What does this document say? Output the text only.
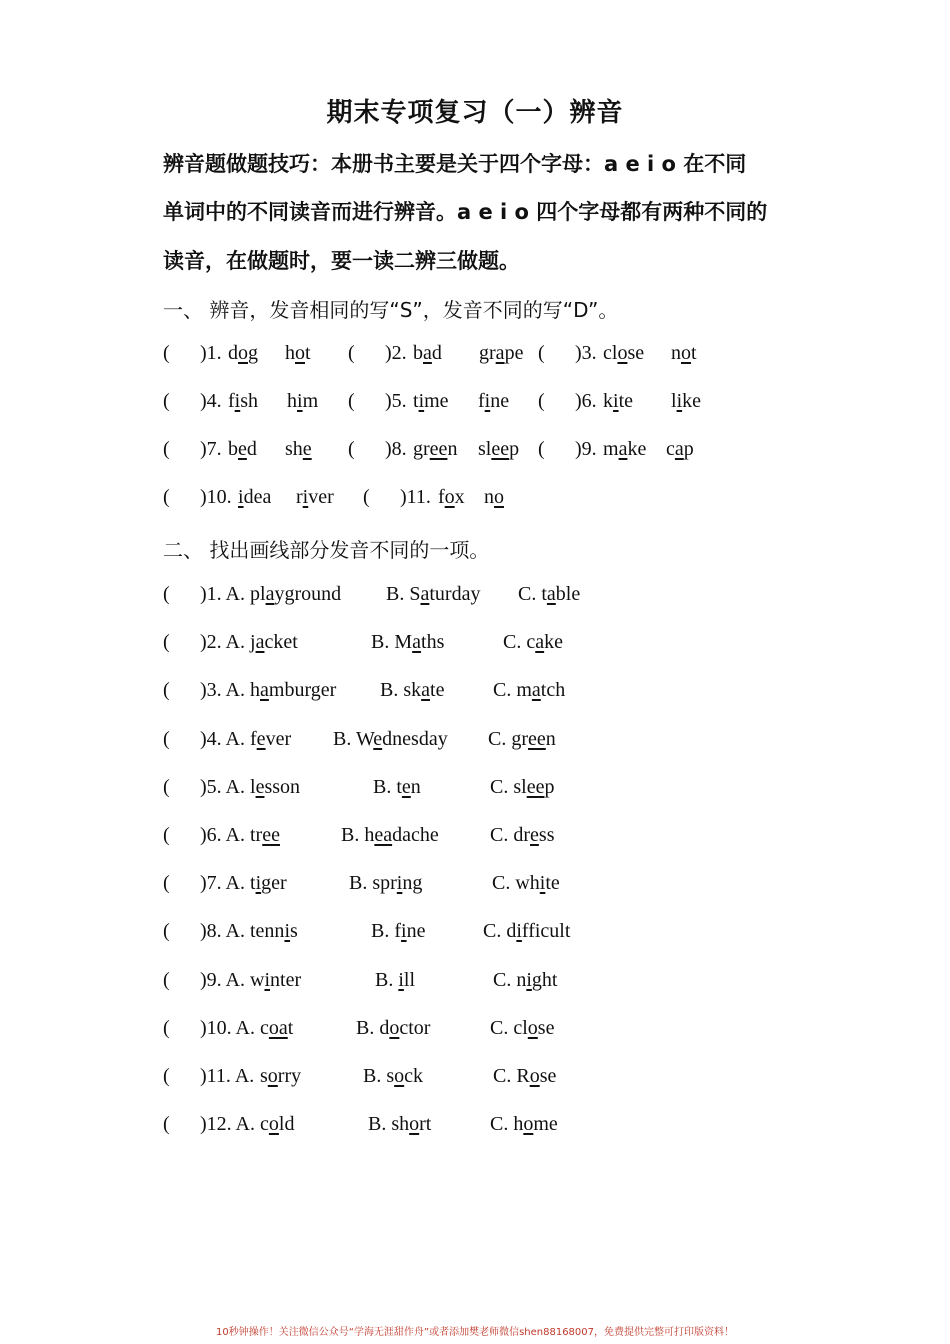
期末专项复习（一）辨音
辨音题做题技巧：本册书主要是关于四个字母：a e i o 在不同
单词中的不同读音而进行辨音。a e i o 四个字母都有两种不同的
读音，在做题时，要一读二辨三做题。
一、 辨音，发音相同的写“S”，发音不同的写“D”。
( )1. dog hot ( )2. bad grape ( )3. close not
( )4. fish him ( )5. time fine ( )6. kite like
( )7. bed she ( )8. green sleep ( )9. make cap
( )10. idea river ( )11. fox no
二、 找出画线部分发音不同的一项。
( )1. A. playground B. Saturday C. table
( )2. A. jacket	B. Maths	C. cake
( )3. A. hamburger B. skate C. match
( )4. A. fever B. Wednesday C. green
( )5. A. lesson	B. ten	C. sleep
( )6. A. tree	B. headache	C. dress
( )7. A. tiger	B. spring	C. white
( )8. A. tennis	B. fine	C. difficult
( )9. A. winter	B. ill	C. night
( )10. A. coat	B. doctor	C. close
( )11. A. sorry	B. sock	C. Rose
( )12. A. cold	B. short	C. home
10秒钟操作！关注微信公众号“学海无涯甜作舟”或者添加樊老师微信shen88168007，免费提供完整可打印版资料！
